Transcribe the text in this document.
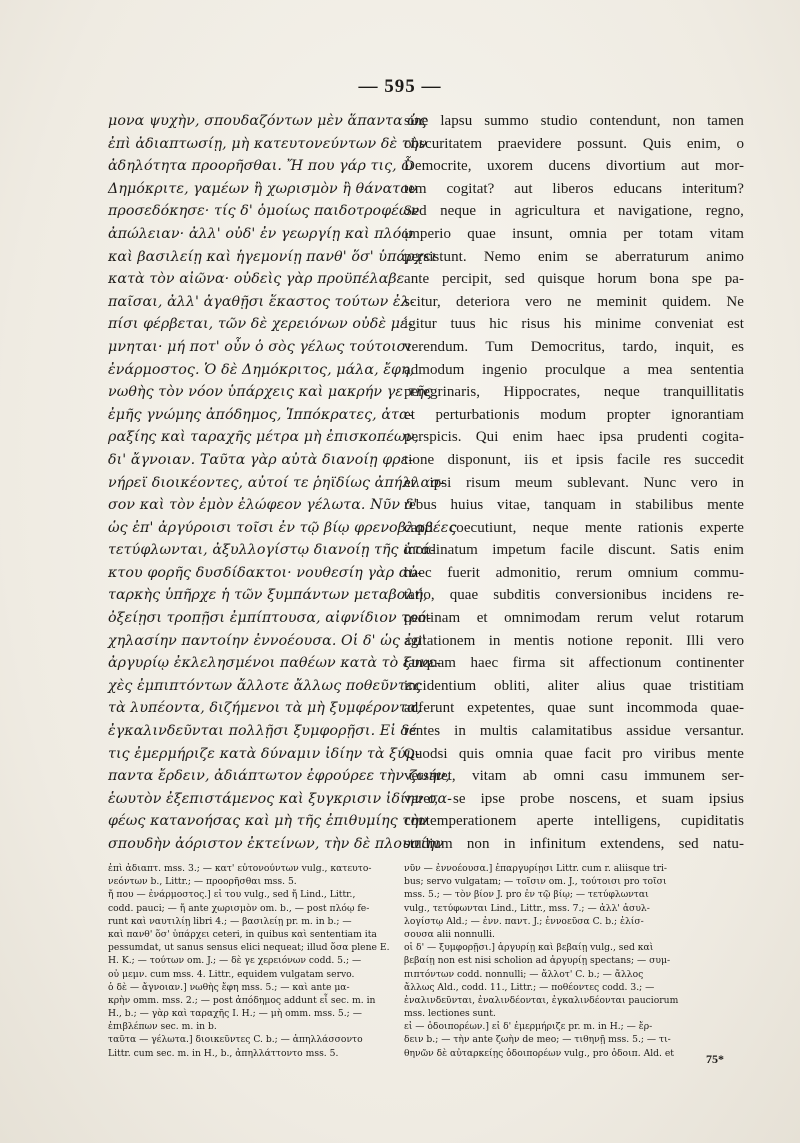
— 595 —
μονα ψυχὴν, σπουδαζόντων μὲν ἅπαντα ὡς
ἐπὶ ἀδιαπτωσίῃ, μὴ κατευτονεύντων δὲ τὴν
ἀδηλότητα προορῆσθαι. Ἤ που γάρ τις, ὦ
Δημόκριτε, γαμέων ἢ χωρισμὸν ἢ θάνατον
προσεδόκησε· τίς δ' ὁμοίως παιδοτροφέων
ἀπώλειαν· ἀλλ' οὐδ' ἐν γεωργίῃ καὶ πλόῳ
καὶ βασιλείῃ καὶ ἡγεμονίῃ πανθ' ὅσ' ὑπάρχει
κατὰ τὸν αἰῶνα· οὐδεὶς γὰρ προϋπέλαβε
παῖσαι, ἀλλ' ἀγαθῇσι ἕκαστος τούτων ἐλ-
πίσι φέρβεται, τῶν δὲ χερειόνων οὐδὲ μέ-
μνηται· μή ποτ' οὖν ὁ σὸς γέλως τούτοισι
ἐνάρμοστος. Ὁ δὲ Δημόκριτος, μάλα, ἔφη,
νωθὴς τὸν νόον ὑπάρχεις καὶ μακρήν γε τῆς
ἐμῆς γνώμης ἀπόδημος, Ἱππόκρατες, ἀτα-
ραξίης καὶ ταραχῆς μέτρα μὴ ἐπισκοπέων,
δι' ἄγνοιαν. Ταῦτα γὰρ αὐτὰ διανοίῃ φρε-
νήρεϊ διοικέοντες, αὐτοί τε ῥηϊδίως ἀπήλλασ-
σον καὶ τὸν ἐμὸν ἐλώφεον γέλωτα. Νῦν δ'
ὡς ἐπ' ἀργύροισι τοῖσι ἐν τῷ βίῳ φρενοβλαβέες
τετύφλωνται, ἀξυλλογίστῳ διανοίῃ τῆς ἀτά-
κτου φορῆς δυσδίδακτοι· νουθεσίη γὰρ αὐ-
ταρκὴς ὑπῆρχε ἡ τῶν ξυμπάντων μεταβολή,
ὀξείῃσι τροπῇσι ἐμπίπτουσα, αἰφνίδιον τρό-
χηλασίην παντοίην ἐννοέουσα. Οἱ δ' ὡς ἐπ'
ἀργυρίῳ ἐκλελησμένοι παθέων κατὰ τὸ ξυνε-
χὲς ἐμπιπτόντων ἄλλοτε ἄλλως ποθεῦντες
τὰ λυπέοντα, διζήμενοι τὰ μὴ ξυμφέροντα,
ἐγκαλινδεῦνται πολλῇσι ξυμφορῇσι. Εἰ δέ
τις ἐμερμήριζε κατὰ δύναμιν ἰδίην τὰ ξύμ-
παντα ἔρδειν, ἀδιάπτωτον ἐφρούρεε τὴν ζωήν,
ἑωυτὸν ἐξεπιστάμενος καὶ ξυγκρισιν ἰδίην σα-
φέως κατανοήσας καὶ μὴ τῆς ἐπιθυμίης τὴν
σπουδὴν ἀόριστον ἐκτείνων, τὴν δὲ πλουσίην
sine lapsu summo studio contendunt, non tamen
obscuritatem praevidere possunt. Quis enim, o
Democrite, uxorem ducens divortium aut mor-
tem cogitat? aut liberos educans interitum?
Sed neque in agricultura et navigatione, regno,
imperio quae insunt, omnia per totam vitam
persistunt. Nemo enim se aberraturum animo
ante percipit, sed quisque horum bona spe pa-
scitur, deteriora vero ne meminit quidem. Ne
igitur tuus hic risus his minime conveniat est
verendum. Tum Democritus, tardo, inquit, es
admodum ingenio proculque a mea sententia
peregrinaris, Hippocrates, neque tranquillitatis
et perturbationis modum propter ignorantiam
perspicis. Qui enim haec ipsa prudenti cogita-
tione disponunt, iis et ipsis facile res succedit
et ipsi risum meum sublevant. Nunc vero in
rebus huius vitae, tanquam in stabilibus mente
capti coecutiunt, neque mente rationis experte
inordinatum impetum facile discunt. Satis enim
haec fuerit admonitio, rerum omnium commu-
tatio, quae subditis conversionibus incidens re-
pentinam et omnimodam rerum velut rotarum
agitationem in mentis notione reponit. Illi vero
tanquam haec firma sit affectionum continenter
incidentium obliti, aliter alius quae tristitiam
adferunt expetentes, quae sunt incommoda quae-
rentes in multis calamitatibus assidue versantur.
Quodsi quis omnia quae facit pro viribus mente
versaret, vitam ab omni casu immunem ser-
varet, se ipse probe noscens, et suam ipsius
contemperationem aperte intelligens, cupiditatis
studium non in infinitum extendens, sed natu-
ἐπὶ ἀδιαπτ. mss. 3.; — κατ' εὐτονούντων vulg., κατευτο-
νεόντων b., Littr.; — προορῆσθαι mss. 5.
ἤ που — ἐνάρμοστος.] εἰ του vulg., sed ἤ Lind., Littr.,
codd. pauci; — ἤ ante χωρισμὸν om. b., — post πλόῳ fe-
runt καὶ ναυτιλίῃ libri 4.; — βασιλείῃ pr. m. in b.; —
καὶ πανθ' ὅσ' ὑπάρχει ceteri, in quibus καὶ sententiam ita
pessumdat, ut sanus sensus elici nequeat; illud ὅσα plene E.
H. K.; — τούτων om. J.; — δὲ γε χερειόνων codd. 5.; —
οὐ μεμν. cum mss. 4. Littr., equidem vulgatam servo.
ὁ δὲ — ἄγνοιαν.] νωθὴς ἔφη mss. 5.; — καὶ ante μα-
κρὴν omm. mss. 2.; — post ἀπόδημος addunt εἶ sec. m. in
H., b.; — γὰρ καὶ ταραχῆς I. H.; — μὴ omm. mss. 5.; —
ἐπιβλέπων sec. m. in b.
ταῦτα — γέλωτα.] διοικεῦντες C. b.; — ἀπηλλάσσοντο
Littr. cum sec. m. in H., b., ἀπηλλάττοντο mss. 5.
νῦν — ἐννοέουσα.] ἐπαργυρίῃσι Littr. cum r. aliisque tri-
bus; servo vulgatam; — τοῖσιν om. J., τούτοισι pro τοῖσι
mss. 5.; — τὸν βίον J. pro ἐν τῷ βίῳ; — τετύφλωνται
vulg., τετύφωνται Lind., Littr., mss. 7.; — ἀλλ' ἀσυλ-
λογίστῳ Ald.; — ἐνν. παντ. J.; ἐννοεῦσα C. b.; ἐλίσ-
σουσα alii nonnulli.
οἱ δ' — ξυμφορῇσι.] ἀργυρίῃ καὶ βεβαίῃ vulg., sed καὶ
βεβαίῃ non est nisi scholion ad ἀργυρίῃ spectans; — συμ-
πιπτόντων codd. nonnulli; — ἄλλοτ' C. b.; — ἄλλος
ἄλλως Ald., codd. 11., Littr.; — ποθέοντες codd. 3.; —
ἐναλινδεῦνται, ἐναλινδέονται, ἐγκαλινδέονται pauciorum
mss. lectiones sunt.
εἰ — ὁδοιπορέων.] εἰ δ' ἐμερμήριζε pr. m. in H.; — ἔρ-
δειν b.; — τὴν ante ζωὴν de meo; — τιθηνῇ mss. 5.; — τι-
θηνῶν δὲ αὐταρκείῃς ὁδοιπορέων vulg., pro ὁδοιπ. Ald. et	75*
